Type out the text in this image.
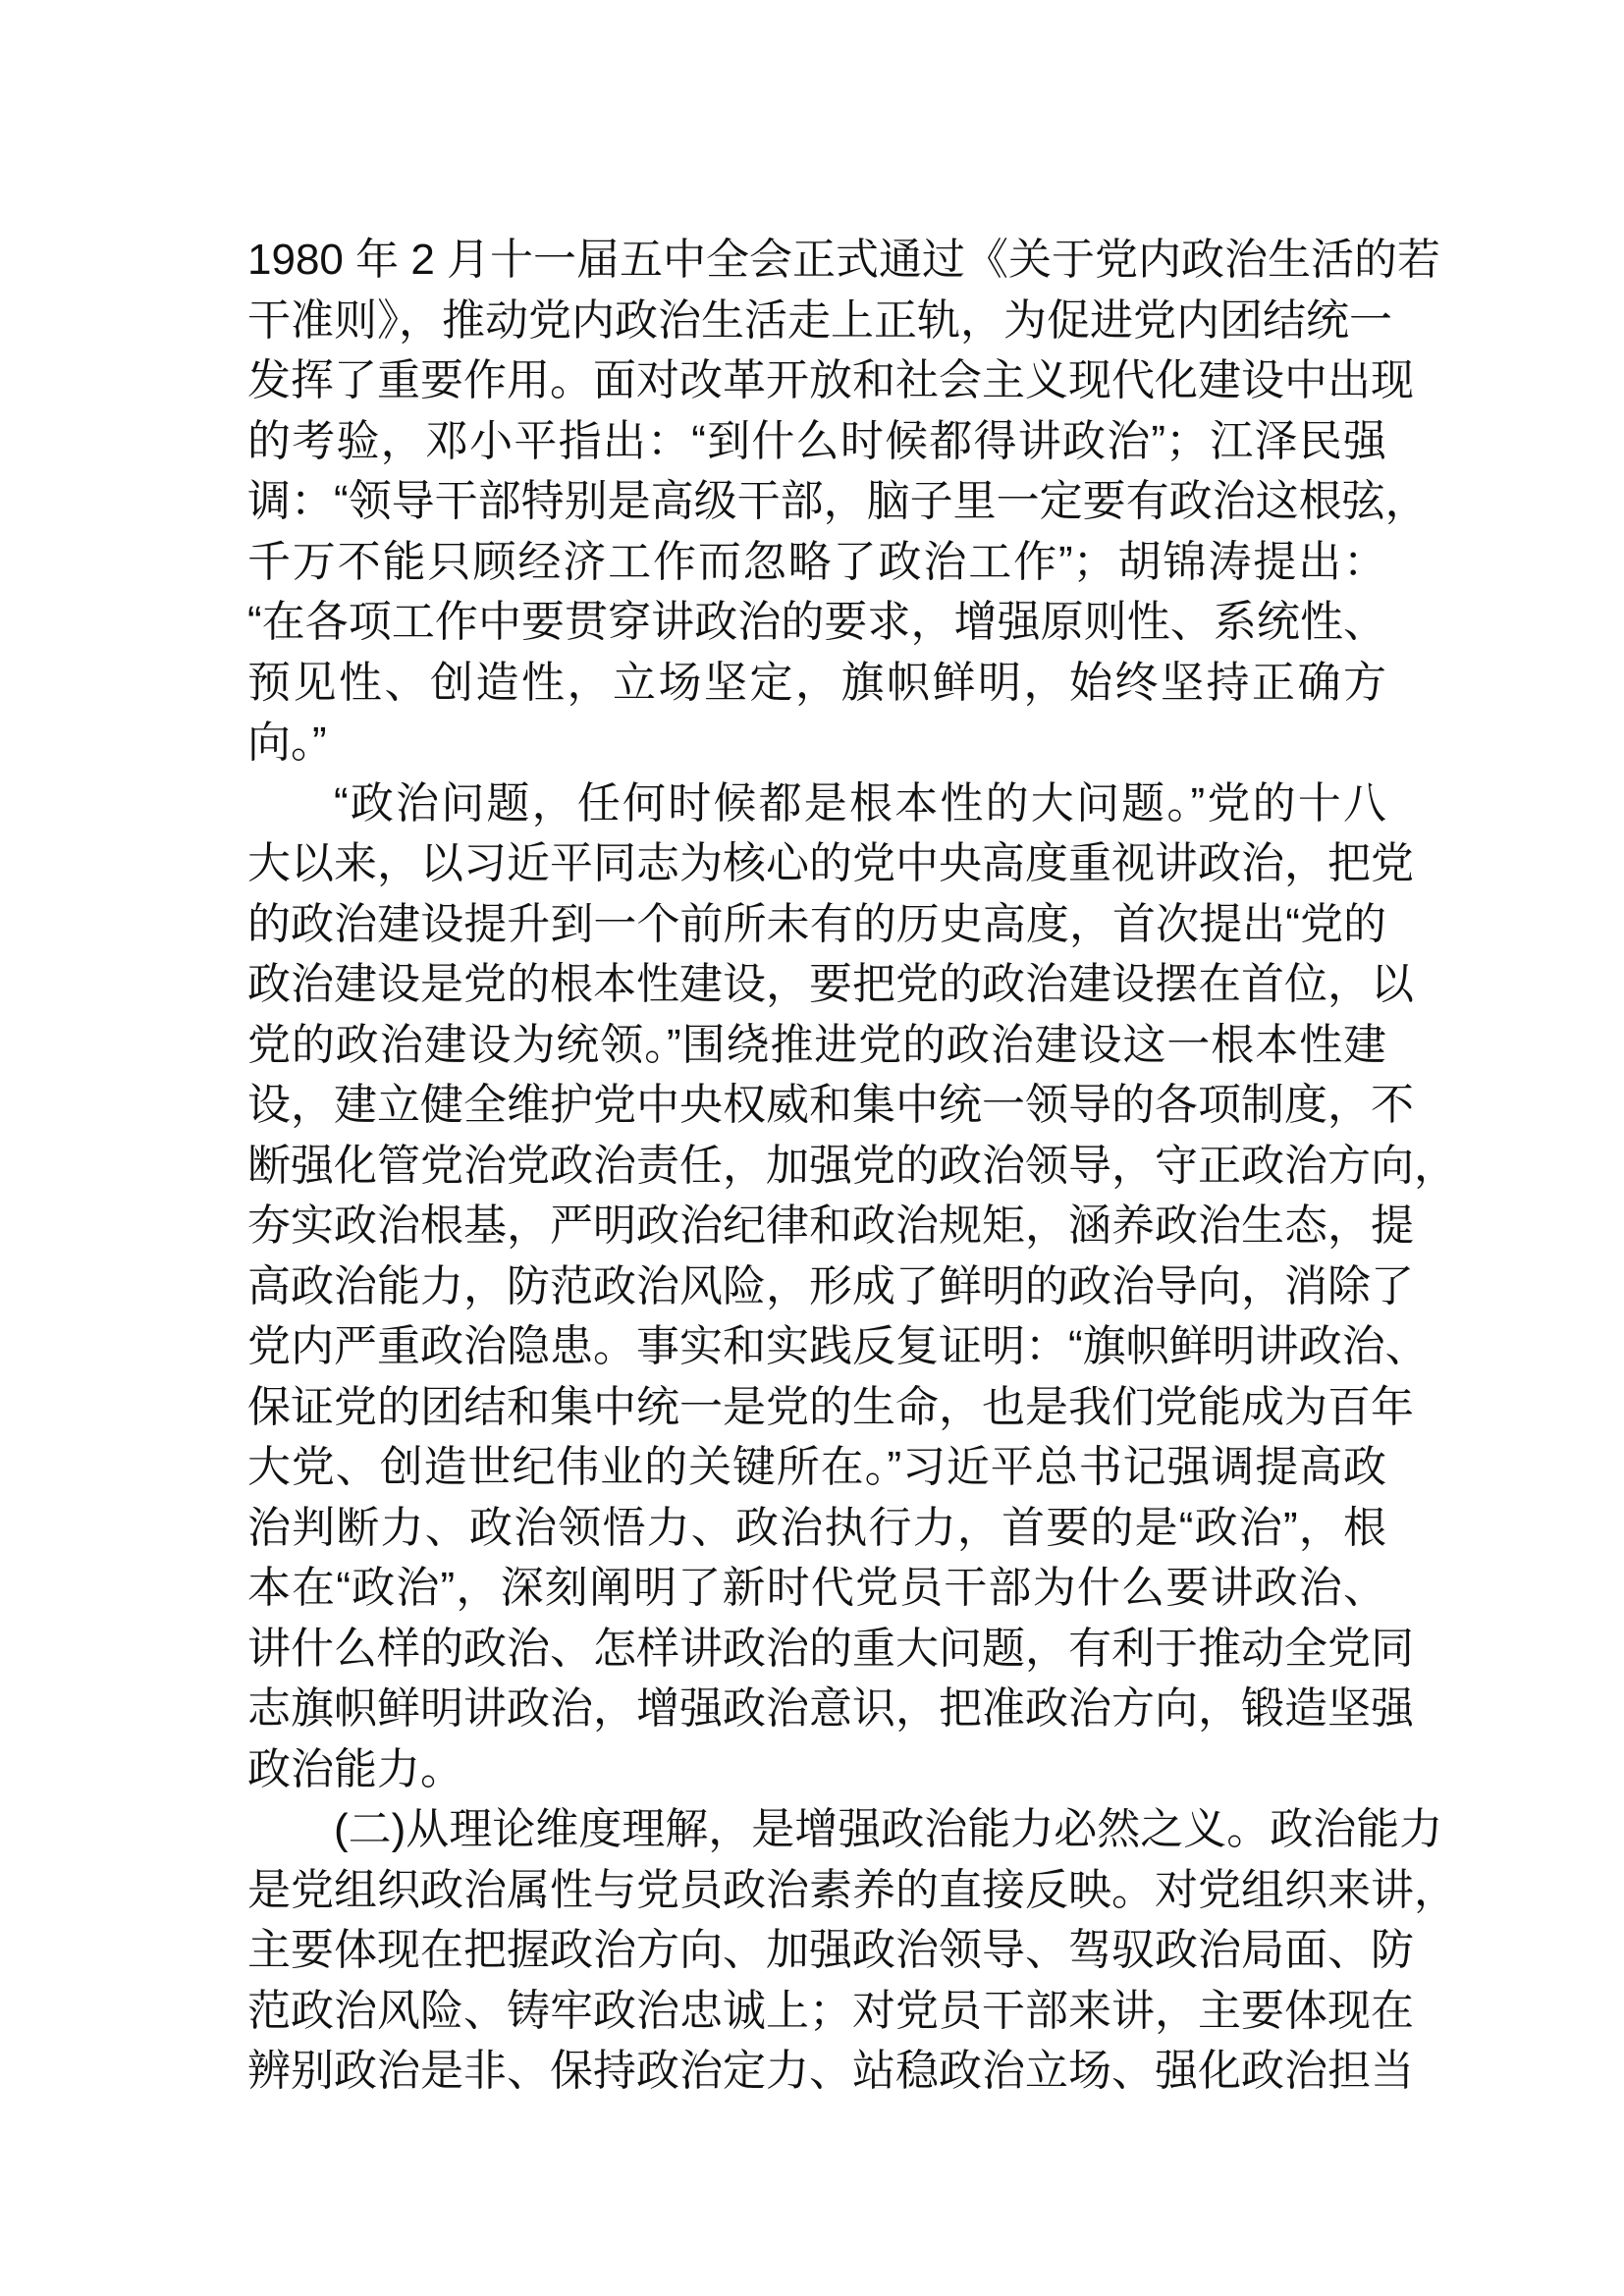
1980 年 2 月十一届五中全会正式通过《关于党内政治生活的若
干准则》，推动党内政治生活走上正轨，为促进党内团结统一
发挥了重要作用。面对改革开放和社会主义现代化建设中出现
的考验，邓小平指出：“到什么时候都得讲政治”；江泽民强
调：“领导干部特别是高级干部，脑子里一定要有政治这根弦，
千万不能只顾经济工作而忽略了政治工作”；胡锦涛提出：
“在各项工作中要贯穿讲政治的要求，增强原则性、系统性、
预见性、创造性，立场坚定，旗帜鲜明，始终坚持正确方
向。”
“政治问题，任何时候都是根本性的大问题。”党的十八
大以来，以习近平同志为核心的党中央高度重视讲政治，把党
的政治建设提升到一个前所未有的历史高度，首次提出“党的
政治建设是党的根本性建设，要把党的政治建设摆在首位，以
党的政治建设为统领。”围绕推进党的政治建设这一根本性建
设，建立健全维护党中央权威和集中统一领导的各项制度，不
断强化管党治党政治责任，加强党的政治领导，守正政治方向，
夯实政治根基，严明政治纪律和政治规矩，涵养政治生态，提
高政治能力，防范政治风险，形成了鲜明的政治导向，消除了
党内严重政治隐患。事实和实践反复证明：“旗帜鲜明讲政治、
保证党的团结和集中统一是党的生命，也是我们党能成为百年
大党、创造世纪伟业的关键所在。”习近平总书记强调提高政
治判断力、政治领悟力、政治执行力，首要的是“政治”，根
本在“政治”，深刻阐明了新时代党员干部为什么要讲政治、
讲什么样的政治、怎样讲政治的重大问题，有利于推动全党同
志旗帜鲜明讲政治，增强政治意识，把准政治方向，锻造坚强
政治能力。
(二)从理论维度理解，是增强政治能力必然之义。政治能力
是党组织政治属性与党员政治素养的直接反映。对党组织来讲，
主要体现在把握政治方向、加强政治领导、驾驭政治局面、防
范政治风险、铸牢政治忠诚上；对党员干部来讲，主要体现在
辨别政治是非、保持政治定力、站稳政治立场、强化政治担当
